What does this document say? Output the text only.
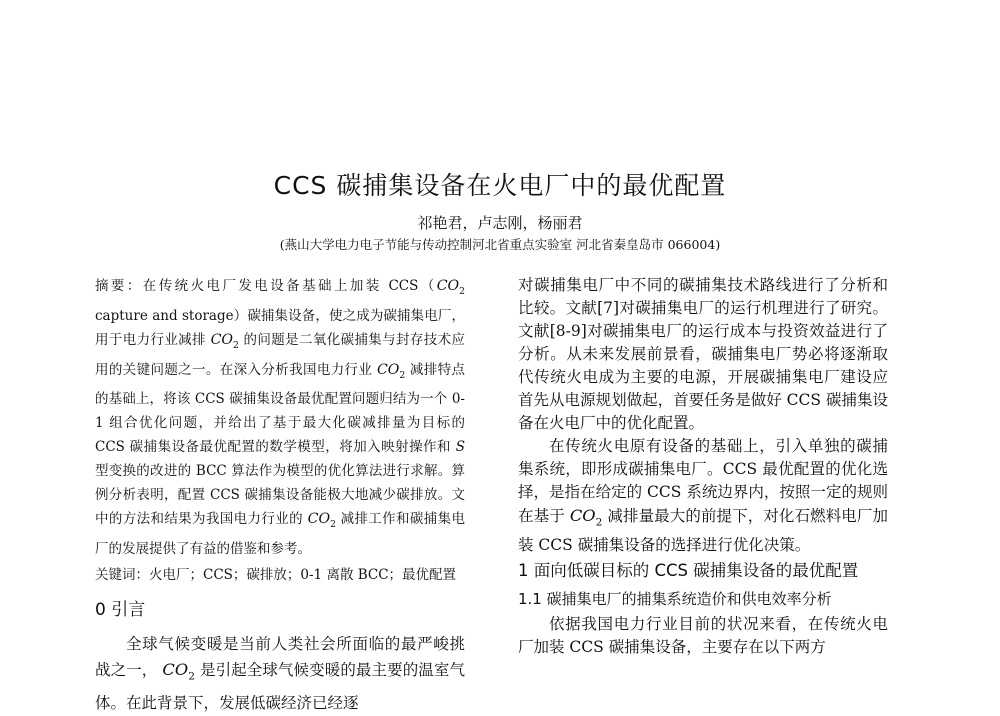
CCS 碳捕集设备在火电厂中的最优配置
祁艳君，卢志刚，杨丽君
(燕山大学电力电子节能与传动控制河北省重点实验室 河北省秦皇岛市 066004)

摘要：在传统火电厂发电设备基础上加装 $CCS(CO_2$ capture and storage）碳捕集设备，使之成为碳捕集电厂，用于电力行业减排 $CO_2$ 的问题是二氧化碳捕集与封存技术应用的关键问题之一。在深入分析我国电力行业 $CO_2$ 减排特点的基础上，将该 CCS 碳捕集设备最优配置问题归结为一个 0-1 组合优化问题，并给出了基于最大化碳减排量为目标的 CCS 碳捕集设备最优配置的数学模型，将加入映射操作和 S 型变换的改进的 BCC 算法作为模型的优化算法进行求解。算例分析表明，配置 CCS 碳捕集设备能极大地减少碳排放。文中的方法和结果为我国电力行业的 $CO_2$ 减排工作和碳捕集电厂的发展提供了有益的借鉴和参考。

关键词：火电厂；CCS；碳排放；0-1 离散 BCC；最优配置

0 引言

全球气候变暖是当前人类社会所面临的最严峻挑战之一， $CO_2$ 是引起全球气候变暖的最主要的温室气体。在此背景下，发展低碳经济已经逐

对碳捕集电厂中不同的碳捕集技术路线进行了分析和比较。文献[7]对碳捕集电厂的运行机理进行了研究。文献[8-9]对碳捕集电厂的运行成本与投资效益进行了分析。从未来发展前景看，碳捕集电厂势必将逐渐取代传统火电成为主要的电源，开展碳捕集电厂建设应首先从电源规划做起，首要任务是做好 CCS 碳捕集设备在火电厂中的优化配置。

在传统火电原有设备的基础上，引入单独的碳捕集系统，即形成碳捕集电厂。CCS 最优配置的优化选择，是指在给定的 CCS 系统边界内，按照一定的规则在基于 $CO_2$ 减排量最大的前提下，对化石燃料电厂加装 CCS 碳捕集设备的选择进行优化决策。

1 面向低碳目标的 CCS 碳捕集设备的最优配置
1.1 碳捕集电厂的捕集系统造价和供电效率分析

依据我国电力行业目前的状况来看，在传统火电厂加装 CCS 碳捕集设备，主要存在以下两方
